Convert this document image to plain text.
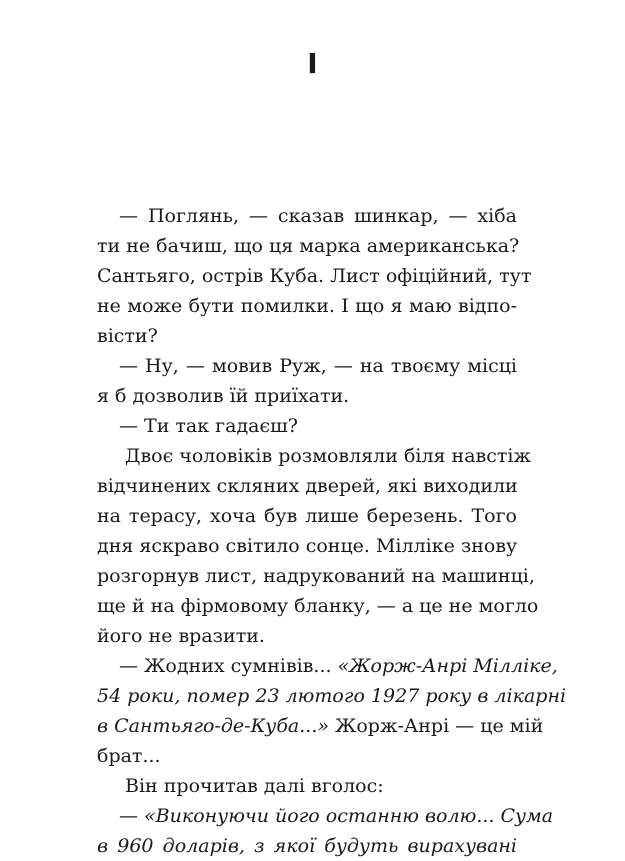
I
— Поглянь, — сказав шинкар, — хіба
ти не бачиш, що ця марка американська?
Сантьяго, острів Куба. Лист офіційний, тут
не може бути помилки. І що я маю відпо-
вісти?
— Ну, — мовив Руж, — на твоєму місці
я б дозволив їй приїхати.
— Ти так гадаєш?
Двоє чоловіків розмовляли біля навстіж
відчинених скляних дверей, які виходили
на терасу, хоча був лише березень. Того
дня яскраво світило сонце. Мілліке знову
розгорнув лист, надрукований на машинці,
ще й на фірмовому бланку, — а це не могло
його не вразити.
— Жодних сумнівів... «Жорж-Анрі Мілліке,
54 роки, помер 23 лютого 1927 року в лікарні
в Сантьяго-де-Куба...» Жорж-Анрі — це мій
брат...
Він прочитав далі вголос:
— «Виконуючи його останню волю... Сума
в 960 доларів, з якої будуть вирахувані
